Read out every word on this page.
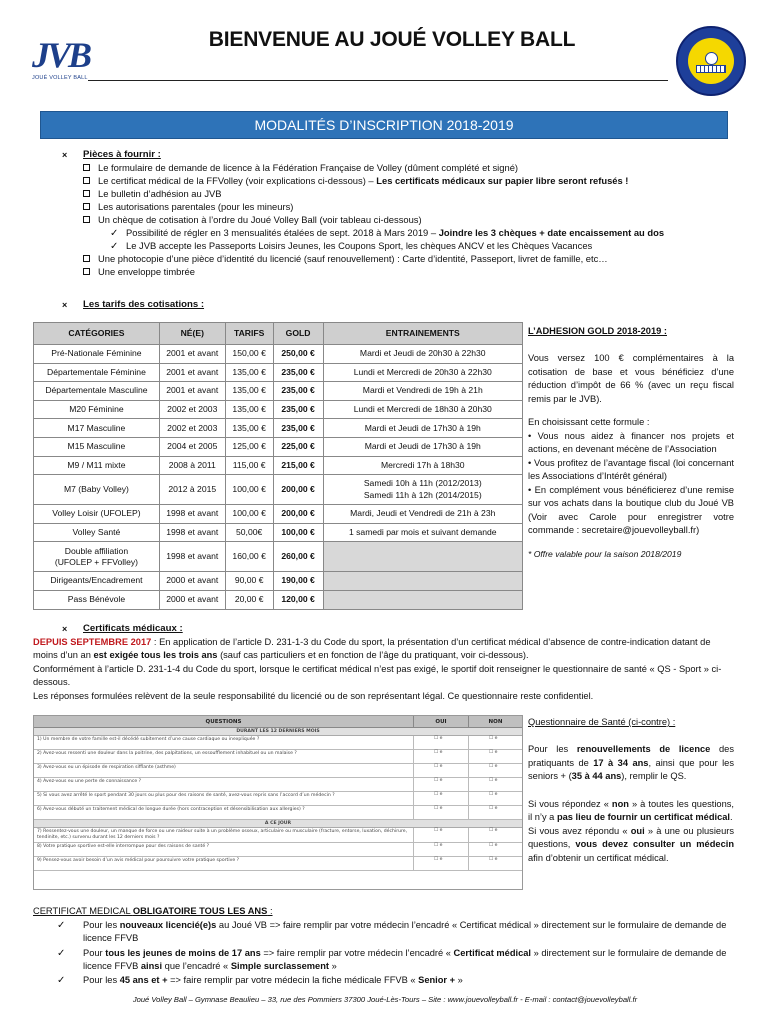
JVB
JOUÉ VOLLEY BALL
BIENVENUE AU JOUÉ VOLLEY BALL
MODALITÉS D’INSCRIPTION 2018-2019
× Pièces à fournir :
Le formulaire de demande de licence à la Fédération Française de Volley (dûment complété et signé)
Le certificat médical de la FFVolley (voir explications ci-dessous) – Les certificats médicaux sur papier libre seront refusés !
Le bulletin d’adhésion au JVB
Les autorisations parentales (pour les mineurs)
Un chèque de cotisation à l’ordre du Joué Volley Ball (voir tableau ci-dessous)
✓ Possibilité de régler en 3 mensualités étalées de sept. 2018 à Mars 2019 – Joindre les 3 chèques + date encaissement au dos
✓ Le JVB accepte les Passeports Loisirs Jeunes, les Coupons Sport, les chèques ANCV et les Chèques Vacances
Une photocopie d’une pièce d’identité du licencié (sauf renouvellement) : Carte d’identité, Passeport, livret de famille, etc…
Une enveloppe timbrée
× Les tarifs des cotisations :
CATÉGORIES	NÉ(E)	TARIFS	GOLD	ENTRAINEMENTS
Pré-Nationale Féminine	2001 et avant	150,00 €	250,00 €	Mardi et Jeudi de 20h30 à 22h30
Départementale Féminine	2001 et avant	135,00 €	235,00 €	Lundi et Mercredi de 20h30 à 22h30
Départementale Masculine	2001 et avant	135,00 €	235,00 €	Mardi et Vendredi de 19h à 21h
M20 Féminine	2002 et 2003	135,00 €	235,00 €	Lundi et Mercredi de 18h30 à 20h30
M17 Masculine	2002 et 2003	135,00 €	235,00 €	Mardi et Jeudi de 17h30 à 19h
M15 Masculine	2004 et 2005	125,00 €	225,00 €	Mardi et Jeudi de 17h30 à 19h
M9 / M11 mixte	2008 à 2011	115,00 €	215,00 €	Mercredi 17h à 18h30
M7 (Baby Volley)	2012 à 2015	100,00 €	200,00 €	Samedi 10h à 11h (2012/2013)
Samedi 11h à 12h (2014/2015)
Volley Loisir (UFOLEP)	1998 et avant	100,00 €	200,00 €	Mardi, Jeudi et Vendredi de 21h à 23h
Volley Santé	1998 et avant	50,00€	100,00 €	1 samedi par mois et suivant demande
Double affiliation
(UFOLEP + FFVolley)	1998 et avant	160,00 €	260,00 €	
Dirigeants/Encadrement	2000 et avant	90,00 €	190,00 €	
Pass Bénévole	2000 et avant	20,00 €	120,00 €	

L’ADHESION GOLD 2018-2019 :

Vous versez 100 € complémentaires à la cotisation de base et vous bénéficiez d’une réduction d’impôt de 66 % (avec un reçu fiscal remis par le JVB).

En choisissant cette formule :

• Vous nous aidez à financer nos projets et actions, en devenant mécène de l’Association

• Vous profitez de l’avantage fiscal (loi concernant les Associations d’Intérêt général)

• En complément vous bénéficierez d’une remise sur vos achats dans la boutique club du Joué VB (Voir avec Carole pour enregistrer votre commande : secretaire@jouevolleyball.fr)

* Offre valable pour la saison 2018/2019

×	Certificats médicaux :
DEPUIS SEPTEMBRE 2017 : En application de l’article D. 231-1-3 du Code du sport, la présentation d’un certificat médical d’absence de contre-indication datant de moins d’un an est exigée tous les trois ans (sauf cas particuliers et en fonction de l’âge du pratiquant, voir ci-dessous).
Conformément à l’article D. 231-1-4 du Code du sport, lorsque le certificat médical n’est pas exigé, le sportif doit renseigner le questionnaire de santé « QS - Sport » ci-dessous.
Les réponses formulées relèvent de la seule responsabilité du licencié ou de son représentant légal. Ce questionnaire reste confidentiel.
QUESTIONS	OUI	NON
DURANT LES 12 DERNIERS MOIS
1) Un membre de votre famille est-il décédé subitement d’une cause cardiaque ou inexpliquée ?	☐ e	☐ e
2) Avez-vous ressenti une douleur dans la poitrine, des palpitations, un essoufflement inhabituel ou un malaise ?	☐ e	☐ e
3) Avez-vous eu un épisode de respiration sifflante (asthme)	☐ e	☐ e
4) Avez-vous eu une perte de connaissance ?	☐ e	☐ e
5) Si vous avez arrêté le sport pendant 30 jours ou plus pour des raisons de santé, avez-vous repris sans l’accord d’un médecin ?	☐ e	☐ e
6) Avez-vous débuté un traitement médical de longue durée (hors contraception et désensibilisation aux allergies) ?	☐ e	☐ e
A CE JOUR
7) Ressentez-vous une douleur, un manque de force ou une raideur suite à un problème osseux, articulaire ou musculaire (fracture, entorse, luxation, déchirure, tendinite, etc.) survenu durant les 12 derniers mois ?
☐ e	☐ e
8) Votre pratique sportive est-elle interrompue pour des raisons de santé ?	☐ e	☐ e
9) Pensez-vous avoir besoin d’un avis médical pour poursuivre votre pratique sportive ?	☐ e	☐ e

Questionnaire de Santé (ci-contre) :

Pour les renouvellements de licence des pratiquants de 17 à 34 ans, ainsi que pour les seniors + (35 à 44 ans), remplir le QS.

Si vous répondez « non » à toutes les questions, il n’y a pas lieu de fournir un certificat médical.

Si vous avez répondu « oui » à une ou plusieurs questions, vous devez consulter un médecin afin d’obtenir un certificat médical.

CERTIFICAT MEDICAL OBLIGATOIRE TOUS LES ANS :
✓ Pour les nouveaux licencié(e)s au Joué VB => faire remplir par votre médecin l’encadré « Certificat médical » directement sur le formulaire de demande de licence FFVB
✓ Pour tous les jeunes de moins de 17 ans => faire remplir par votre médecin l’encadré « Certificat médical » directement sur le formulaire de demande de licence FFVB ainsi que l’encadré « Simple surclassement »
✓ Pour les 45 ans et + => faire remplir par votre médecin la fiche médicale FFVB « Senior + »
Joué Volley Ball – Gymnase Beaulieu – 33, rue des Pommiers 37300 Joué-Lès-Tours – Site : www.jouevolleyball.fr - E-mail : contact@jouevolleyball.fr
